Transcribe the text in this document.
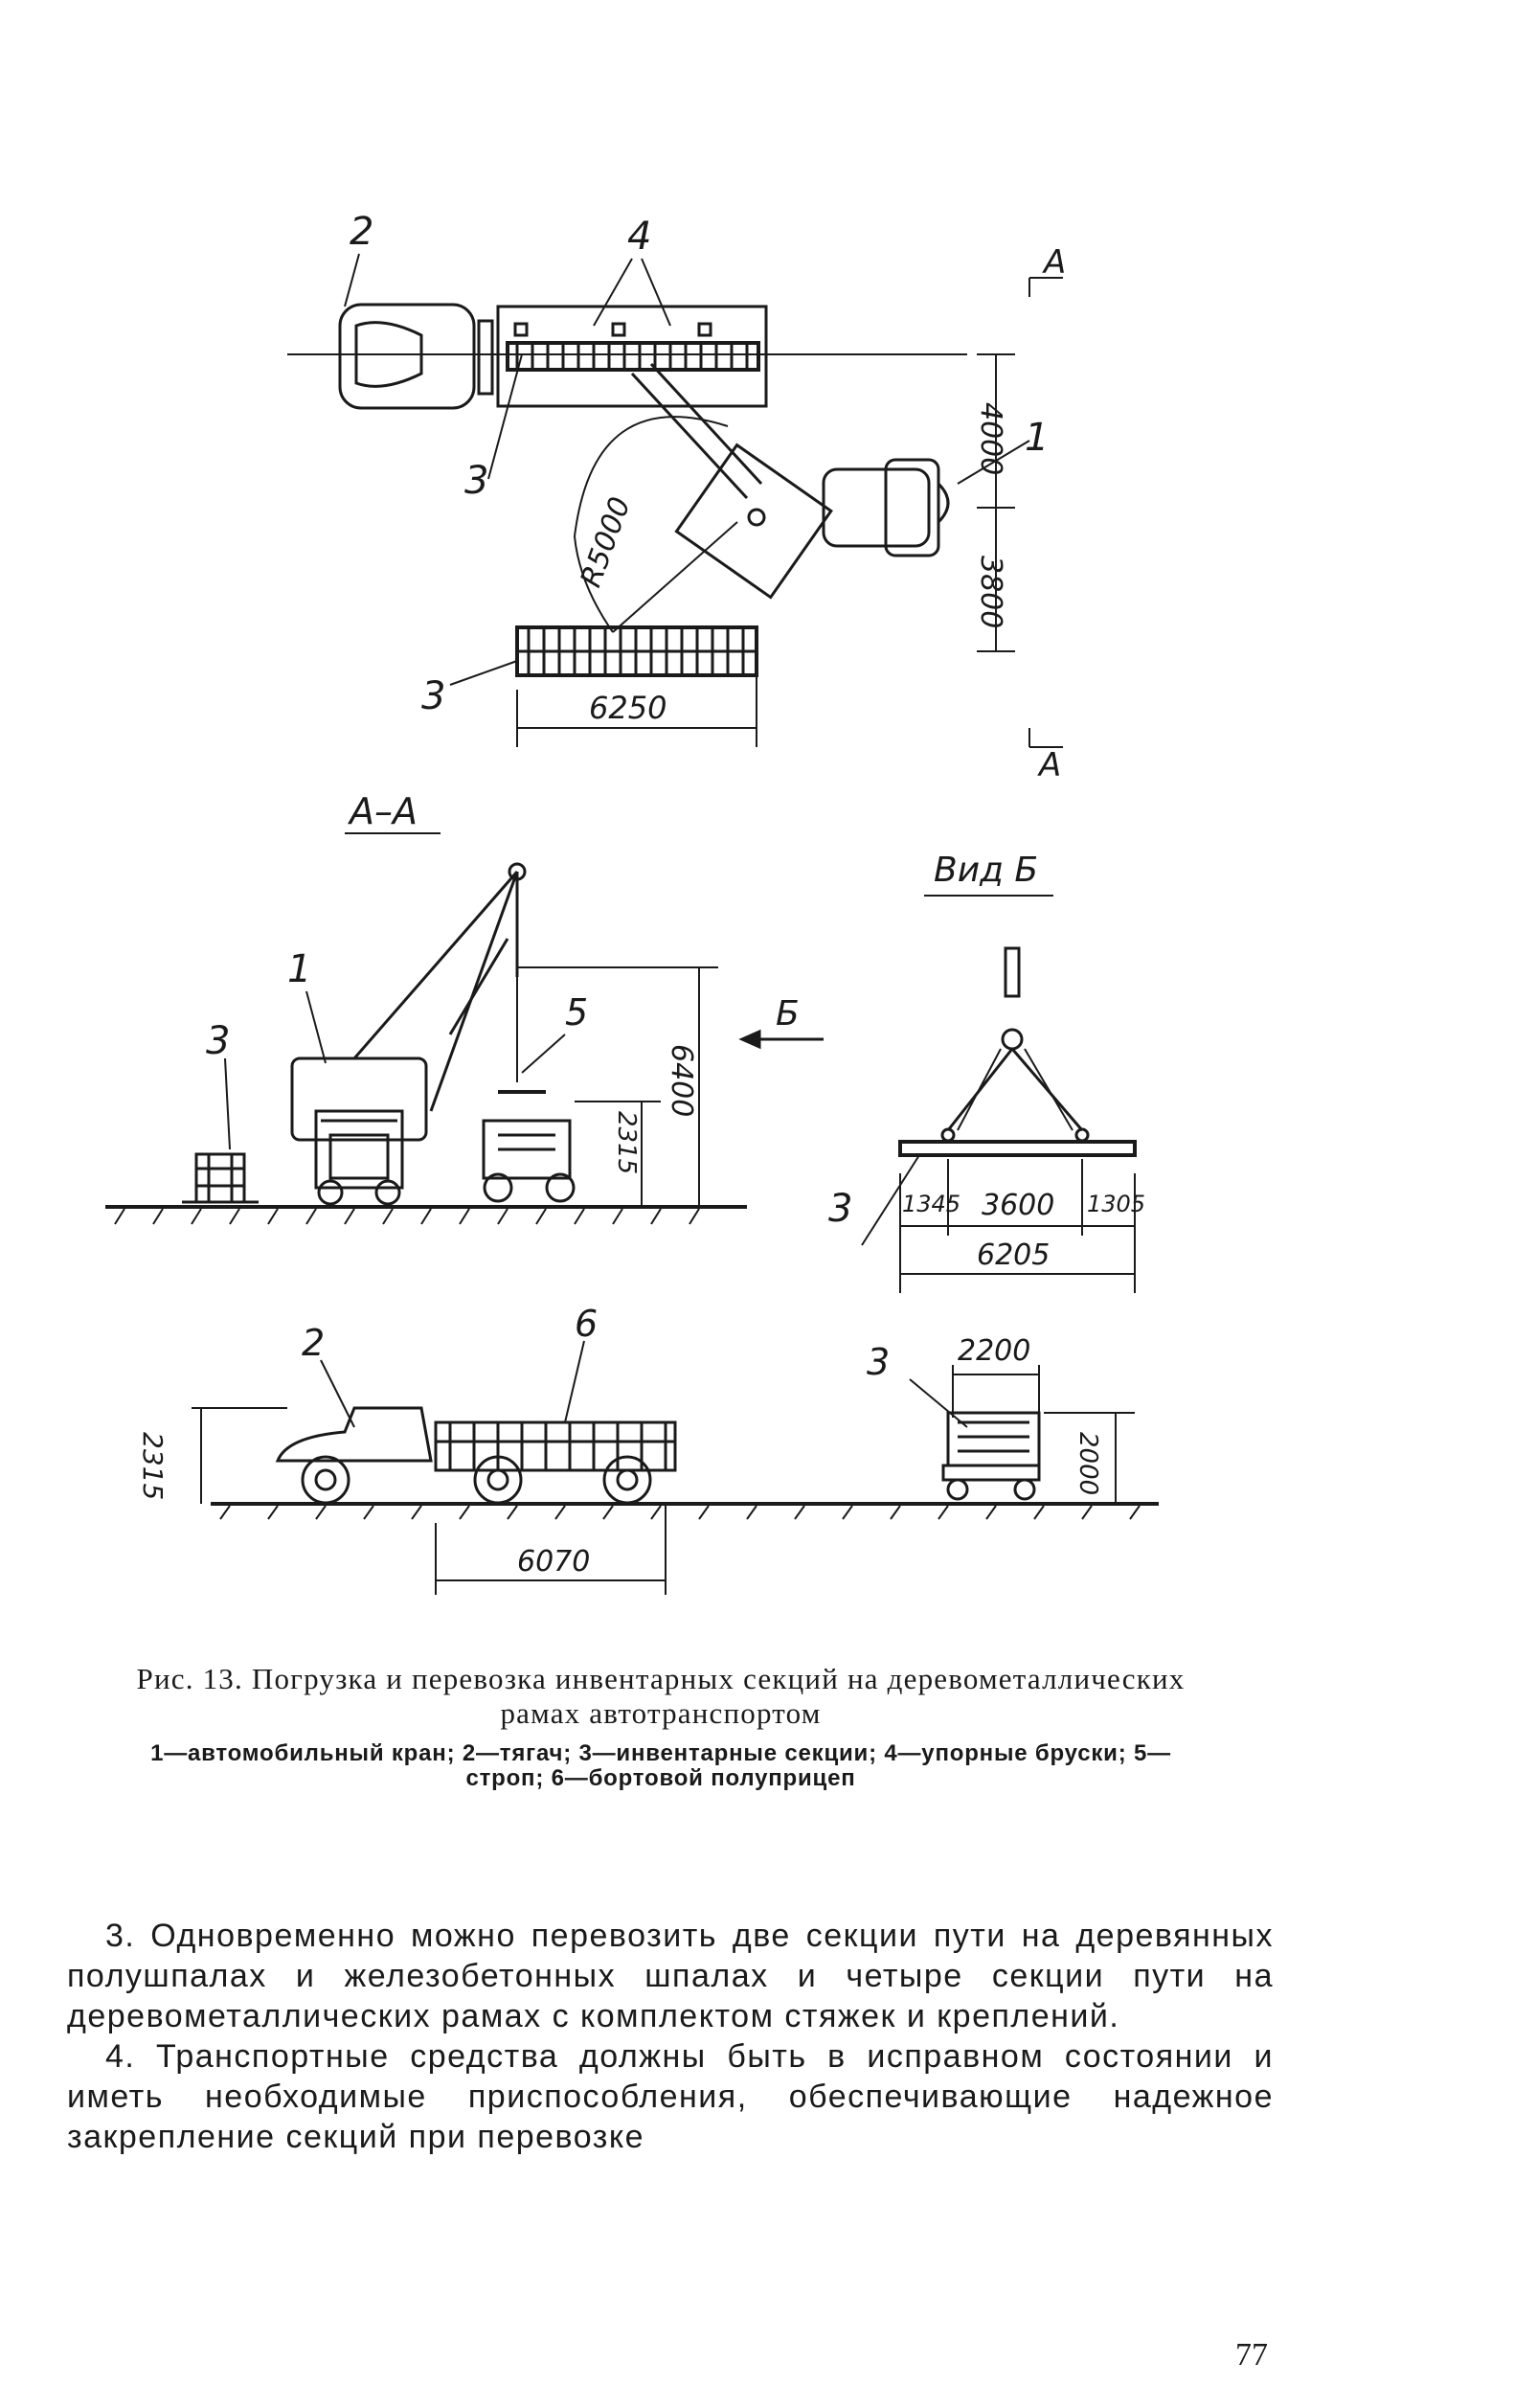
2	4
1
3
3
А
А
4000
3800
R5000
6250
А–А
1
3
5	Б
6400
2315
Вид Б
3 1345 3600 1305
6205
2	6
3
2315
6070
2200
2000
Рис. 13. Погрузка и перевозка инвентарных секций на деревометаллических рамах автотранспортом
1—автомобильный кран; 2—тягач; 3—инвентарные секции; 4—упорные бруски; 5—строп; 6—бортовой полуприцеп

3. Одновременно можно перевозить две секции пути на деревянных полушпалах и железобетонных шпалах и четыре секции пути на деревометаллических рамах с комплектом стяжек и креплений.

4. Транспортные средства должны быть в исправном состоянии и иметь необходимые приспособления, обеспечивающие надежное закрепление секций при перевозке

77
